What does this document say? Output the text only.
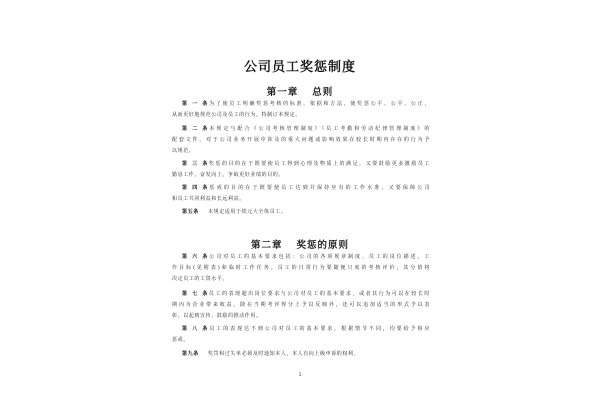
公司员工奖惩制度
第一章 总则
第一条为了使员工明确奖惩考核的标准、依据和方法，使奖惩公平、公平、公正，
从而更好地规范公司及员工的行为，特制订本规定。
第二条本规定与配合《公司考核管理制度》《员工考勤和劳动纪律管理制度》的
配套文件，对于公司业务开展中涉及的重大问题或影响效果在较长时期内存在的行为予
以规范。
第三条奖惩的目的在于既要使员工得到心理及物质上的满足，又要鼓励更多激励员工
勤恳工作，奋发向上，争取更好业绩的目的。
第四条惩戒的目的在于既要使员工达到并保持应有的工作水准，又要保障公司
和员工共同利益和长远利益。
第五条 本规定适用于铁元大全体员工。
第二章 奖惩的原则
第六条公司对员工的基本要求包括：公司的各项规章制度、员工的岗位描述、工
作目标(见附表)和临时工作任务。员工的日常行为要随便只度的考核评价，其分值将
决定员工的工资水平。
第七条员工的表现超出岗位要求与公司对员工的基本要求，或者其行为可以在较长时
期内为企业带来收益，除在当期考评得分上予以反映外，还可以追加适当的形式予以表
彰，以起到宣传、鼓励的推动作用。
第八条员工的表现达不到公司对员工的基本要求，根据情节不同，均要给予相应
惩戒。
第九条 奖罚和过失单必须及时通知本人，本人有向上级申诉的权利。
1
